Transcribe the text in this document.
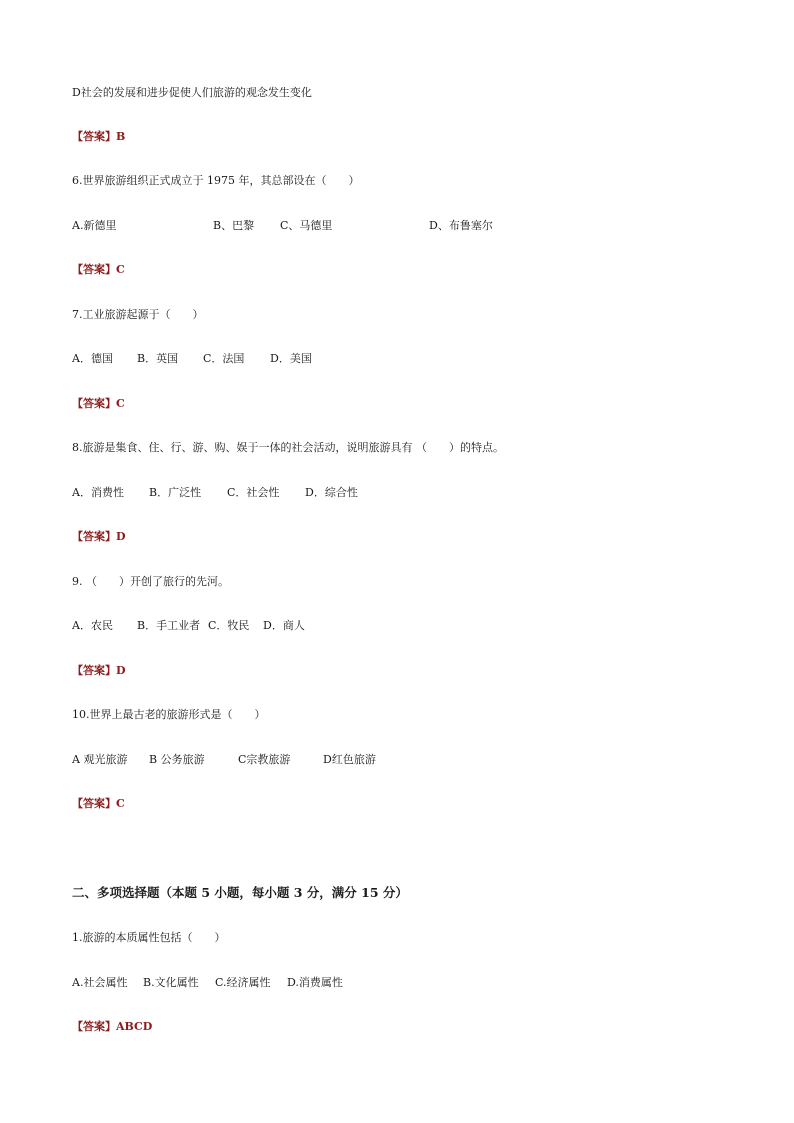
D社会的发展和进步促使人们旅游的观念发生变化
【答案】B
6.世界旅游组织正式成立于 1975 年，其总部设在（　　）
A.新德里	B、巴黎 C、马德里	D、布鲁塞尔
【答案】C
7.工业旅游起源于（　　）
A．德国 B．英国 C．法国 D．美国
【答案】C
8.旅游是集食、住、行、游、购、娱于一体的社会活动，说明旅游具有 （　　）的特点。
A．消费性 B．广泛性 C．社会性 D．综合性
【答案】D
9. （　　）开创了旅行的先河。
A．农民 B．手工业者 C．牧民 D．商人
【答案】D
10.世界上最古老的旅游形式是（　　）
A 观光旅游 B 公务旅游	C宗教旅游	D红色旅游
【答案】C
二、多项选择题（本题 5 小题，每小题 3 分，满分 15 分）
1.旅游的本质属性包括（　　）
A.社会属性 B.文化属性 C.经济属性 D.消费属性
【答案】ABCD
